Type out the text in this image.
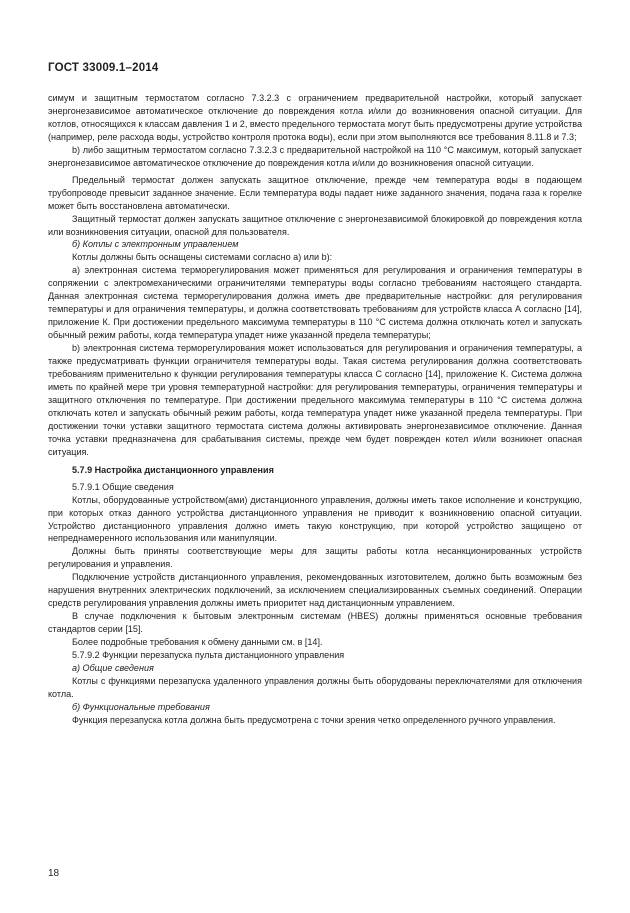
ГОСТ 33009.1–2014

симум и защитным термостатом согласно 7.3.2.3 с ограничением предварительной настройки, который запускает энергонезависимое автоматическое отключение до повреждения котла и/или до возникновения опасной ситуации. Для котлов, относящихся к классам давления 1 и 2, вместо предельного термостата могут быть предусмотрены другие устройства (например, реле расхода воды, устройство контроля протока воды), если при этом выполняются все требования 8.11.8 и 7.3;

b) либо защитным термостатом согласно 7.3.2.3 с предварительной настройкой на 110 °С максимум, который запускает энергонезависимое автоматическое отключение до повреждения котла и/или до возникновения опасной ситуации.

Предельный термостат должен запускать защитное отключение, прежде чем температура воды в подающем трубопроводе превысит заданное значение. Если температура воды падает ниже заданного значения, подача газа к горелке может быть восстановлена автоматически.

Защитный термостат должен запускать защитное отключение с энергонезависимой блокировкой до повреждения котла или возникновения ситуации, опасной для пользователя.

б) Котлы с электронным управлением

Котлы должны быть оснащены системами согласно а) или b):

а) электронная система терморегулирования может применяться для регулирования и ограничения температуры в сопряжении с электромеханическими ограничителями температуры воды согласно требованиям настоящего стандарта. Данная электронная система терморегулирования должна иметь две предварительные настройки: для регулирования температуры и для ограничения температуры, и должна соответствовать требованиям для устройств класса А согласно [14], приложение К. При достижении предельного максимума температуры в 110 °С система должна отключать котел и запускать обычный режим работы, когда температура упадет ниже указанной предела температуры;

b) электронная система терморегулирования может использоваться для регулирования и ограничения температуры, а также предусматривать функции ограничителя температуры воды. Такая система регулирования должна соответствовать требованиям применительно к функции регулирования температуры класса С согласно [14], приложение К. Система должна иметь по крайней мере три уровня температурной настройки: для регулирования температуры, ограничения температуры и защитного отключения по температуре. При достижении предельного максимума температуры в 110 °С система должна отключать котел и запускать обычный режим работы, когда температура упадет ниже указанной предела температуры. При достижении точки уставки защитного термостата система должны активировать энергонезависимое отключение. Данная точка уставки предназначена для срабатывания системы, прежде чем будет поврежден котел и/или возникнет опасная ситуация.

5.7.9 Настройка дистанционного управления

5.7.9.1 Общие сведения

Котлы, оборудованные устройством(ами) дистанционного управления, должны иметь такое исполнение и конструкцию, при которых отказ данного устройства дистанционного управления не приводит к возникновению опасной ситуации. Устройство дистанционного управления должно иметь такую конструкцию, при которой устройство защищено от непреднамеренного использования или манипуляции.

Должны быть приняты соответствующие меры для защиты работы котла несанкционированных устройств регулирования и управления.

Подключение устройств дистанционного управления, рекомендованных изготовителем, должно быть возможным без нарушения внутренних электрических подключений, за исключением специализированных съемных соединений. Операции средств регулирования управления должны иметь приоритет над дистанционным управлением.

В случае подключения к бытовым электронным системам (HBES) должны применяться основные требования стандартов серии [15].

Более подробные требования к обмену данными см. в [14].

5.7.9.2 Функции перезапуска пульта дистанционного управления

а) Общие сведения

Котлы с функциями перезапуска удаленного управления должны быть оборудованы переключателями для отключения котла.

б) Функциональные требования

Функция перезапуска котла должна быть предусмотрена с точки зрения четко определенного ручного управления.

18
